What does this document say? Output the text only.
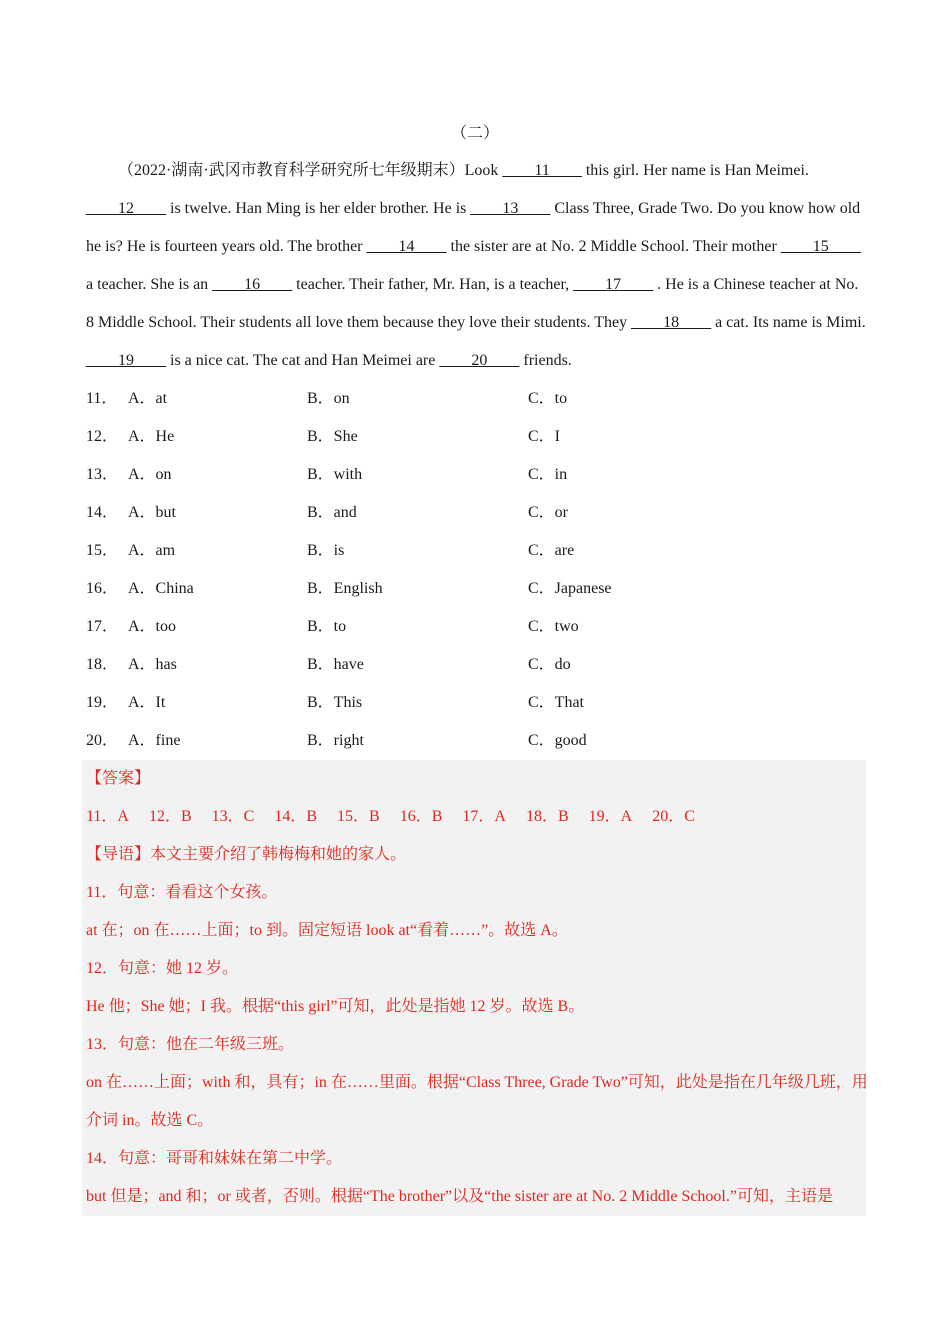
（二）

（2022·湖南·武冈市教育科学研究所七年级期末）Look ____11____ this girl. Her name is Han Meimei. ____12____ is twelve. Han Ming is her elder brother. He is ____13____ Class Three, Grade Two. Do you know how old he is? He is fourteen years old. The brother ____14____ the sister are at No. 2 Middle School. Their mother ____15____ a teacher. She is an ____16____ teacher. Their father, Mr. Han, is a teacher, ____17____ . He is a Chinese teacher at No. 8 Middle School. Their students all love them because they love their students. They ____18____ a cat. Its name is Mimi. ____19____ is a nice cat. The cat and Han Meimei are ____20____ friends.

11． A．at	B．on	C．to
12． A．He	B．She	C．I
13． A．on	B．with	C．in
14． A．but	B．and	C．or
15． A．am	B．is	C．are
16． A．China	B．English	C．Japanese
17． A．too	B．to	C．two
18． A．has	B．have	C．do
19． A．It	B．This	C．That
20． A．fine	B．right	C．good
【答案】
11．A 12．B 13．C 14．B 15．B 16．B 17．A 18．B 19．A 20．C
【导语】本文主要介绍了韩梅梅和她的家人。
11．句意：看看这个女孩。
at 在；on 在……上面；to 到。固定短语 look at“看着……”。故选 A。
12．句意：她 12 岁。
He 他；She 她；I 我。根据“this girl”可知，此处是指她 12 岁。故选 B。
13．句意：他在二年级三班。
on 在……上面；with 和，具有；in 在……里面。根据“Class Three, Grade Two”可知，此处是指在几年级几班，用介词 in。故选 C。
14．句意：哥哥和妹妹在第二中学。
but 但是；and 和；or 或者，否则。根据“The brother”以及“the sister are at No. 2 Middle School.”可知，主语是
